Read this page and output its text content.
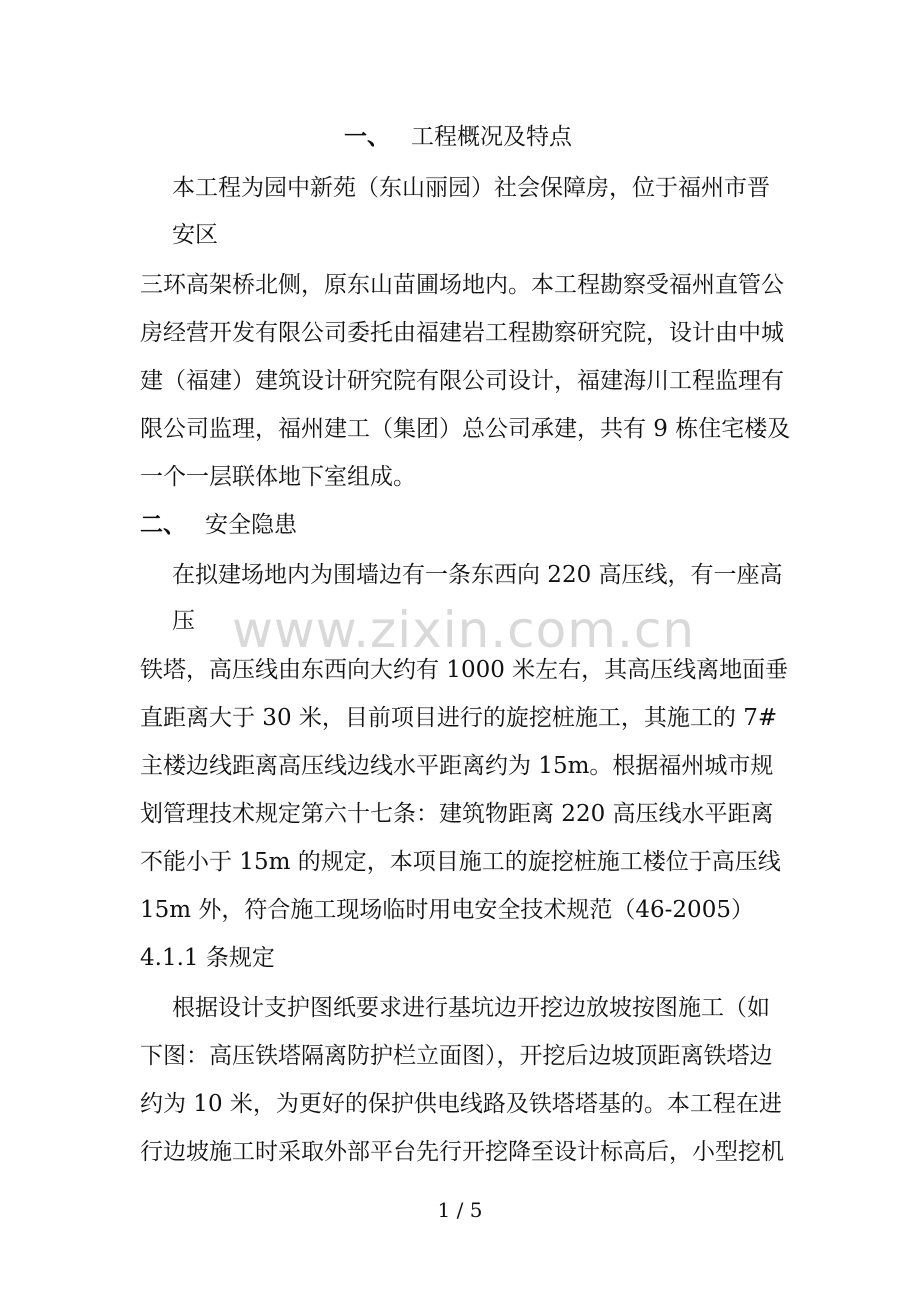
www.zixin.com.cn
一、 工程概况及特点
本工程为园中新苑（东山丽园）社会保障房，位于福州市晋
安区
三环高架桥北侧，原东山苗圃场地内。本工程勘察受福州直管公
房经营开发有限公司委托由福建岩工程勘察研究院，设计由中城
建（福建）建筑设计研究院有限公司设计，福建海川工程监理有
限公司监理，福州建工（集团）总公司承建，共有 9 栋住宅楼及
一个一层联体地下室组成。
二、 安全隐患
在拟建场地内为围墙边有一条东西向 220 高压线，有一座高
压
铁塔，高压线由东西向大约有 1000 米左右，其高压线离地面垂
直距离大于 30 米，目前项目进行的旋挖桩施工，其施工的 7#
主楼边线距离高压线边线水平距离约为 15m。根据福州城市规
划管理技术规定第六十七条：建筑物距离 220 高压线水平距离
不能小于 15m 的规定，本项目施工的旋挖桩施工楼位于高压线
15m 外，符合施工现场临时用电安全技术规范（46-2005）
4.1.1 条规定
根据设计支护图纸要求进行基坑边开挖边放坡按图施工（如
下图：高压铁塔隔离防护栏立面图），开挖后边坡顶距离铁塔边
约为 10 米，为更好的保护供电线路及铁塔塔基的。本工程在进
行边坡施工时采取外部平台先行开挖降至设计标高后，小型挖机
1 / 5
